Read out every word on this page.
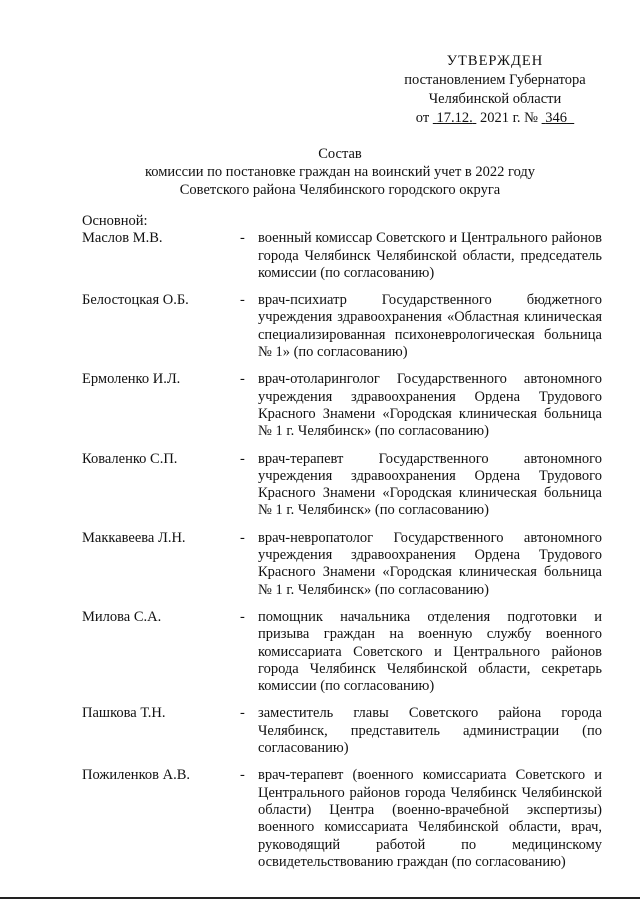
УТВЕРЖДЕН
постановлением Губернатора
Челябинской области
от 17.12. 2021 г. № 346
Состав
комиссии по постановке граждан на воинский учет в 2022 году
Советского района Челябинского городского округа
Основной:
Маслов М.В.	- военный комиссар Советского и Центрального районов города Челябинск Челябинской области, председатель комиссии (по согласованию)
Белостоцкая О.Б.	- врач-психиатр Государственного бюджетного учреждения здравоохранения «Областная клиническая специализированная психоневрологическая больница № 1» (по согласованию)
Ермоленко И.Л.	- врач-отоларинголог Государственного автономного учреждения здравоохранения Ордена Трудового Красного Знамени «Городская клиническая больница № 1 г. Челябинск» (по согласованию)
Коваленко С.П.	- врач-терапевт Государственного автономного учреждения здравоохранения Ордена Трудового Красного Знамени «Городская клиническая больница № 1 г. Челябинск» (по согласованию)
Маккавеева Л.Н.	- врач-невропатолог Государственного автономного учреждения здравоохранения Ордена Трудового Красного Знамени «Городская клиническая больница № 1 г. Челябинск» (по согласованию)
Милова С.А.	- помощник начальника отделения подготовки и призыва граждан на военную службу военного комиссариата Советского и Центрального районов города Челябинск Челябинской области, секретарь комиссии (по согласованию)
Пашкова Т.Н.	- заместитель главы Советского района города Челябинск, представитель администрации (по согласованию)
Пожиленков А.В.	- врач-терапевт (военного комиссариата Советского и Центрального районов города Челябинск Челябинской области) Центра (военно-врачебной экспертизы) военного комиссариата Челябинской области, врач, руководящий работой по медицинскому освидетельствованию граждан (по согласованию)
